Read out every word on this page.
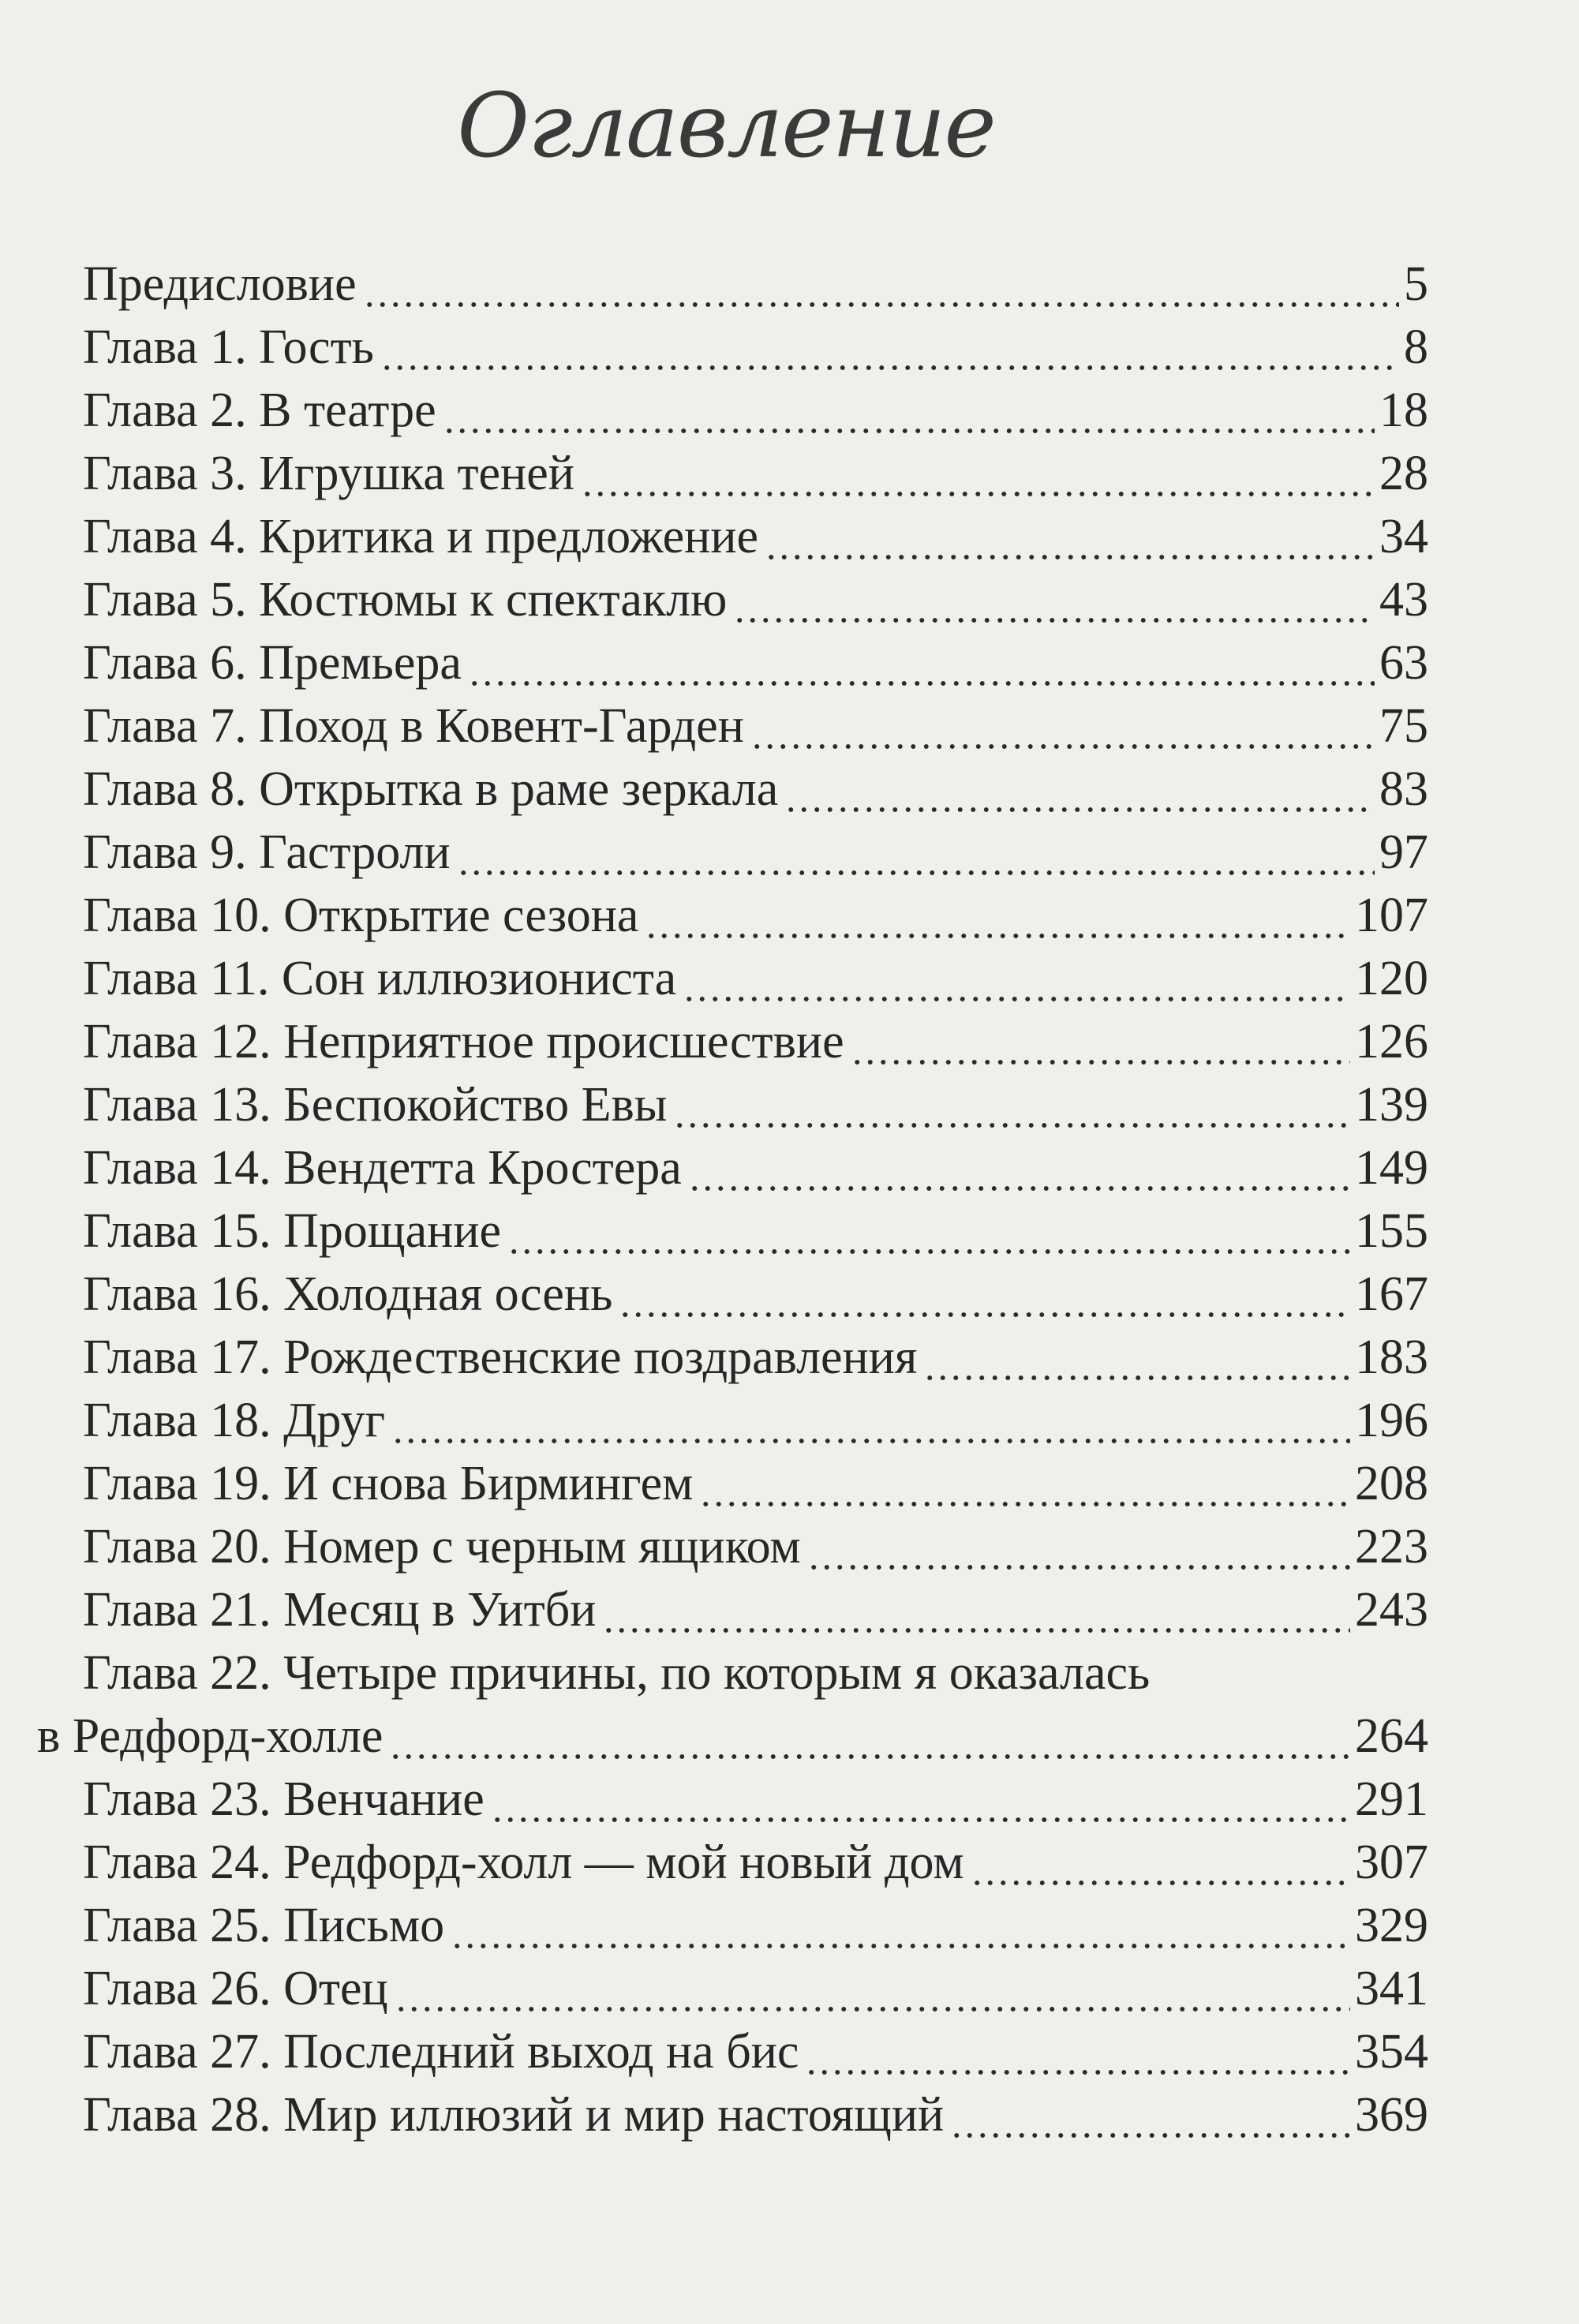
Оглавление
Предисловие	5
Глава 1. Гость	8
Глава 2. В театре	18
Глава 3. Игрушка теней	28
Глава 4. Критика и предложение	34
Глава 5. Костюмы к спектаклю	43
Глава 6. Премьера	63
Глава 7. Поход в Ковент-Гарден	75
Глава 8. Открытка в раме зеркала	83
Глава 9. Гастроли	97
Глава 10. Открытие сезона	107
Глава 11. Сон иллюзиониста	120
Глава 12. Неприятное происшествие	126
Глава 13. Беспокойство Евы	139
Глава 14. Вендетта Кростера	149
Глава 15. Прощание	155
Глава 16. Холодная осень	167
Глава 17. Рождественские поздравления	183
Глава 18. Друг	196
Глава 19. И снова Бирмингем	208
Глава 20. Номер с черным ящиком	223
Глава 21. Месяц в Уитби	243
Глава 22. Четыре причины, по которым я оказалась
в Редфорд-холле	264
Глава 23. Венчание	291
Глава 24. Редфорд-холл — мой новый дом	307
Глава 25. Письмо	329
Глава 26. Отец	341
Глава 27. Последний выход на бис	354
Глава 28. Мир иллюзий и мир настоящий	369
